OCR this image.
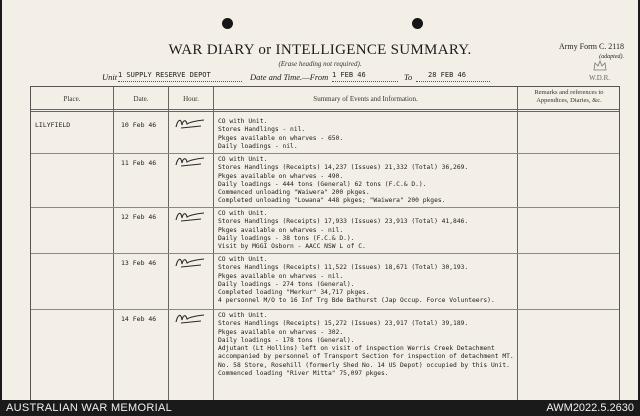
WAR DIARY or INTELLIGENCE SUMMARY.
(Erase heading not required).
Army Form C. 2118
(adapted).
W.D.R.
Unit 1 SUPPLY RESERVE DEPOT	Date and Time.—From 1 FEB 46	To	28 FEB 46
Place.	Date.	Hour.	Summary of Events and Information.
Remarks and references to Appendices, Diaries, &c.
LILYFIELD	10 Feb 46	CO with Unit.
Stores Handlings - nil.
Pkges available on wharves - 650.
Daily loadings - nil.
11 Feb 46	CO with Unit.
Stores Handlings (Receipts) 14,237 (Issues) 21,332 (Total) 36,269.
Pkges available on wharves - 490.
Daily loadings - 444 tons (General) 62 tons (F.C.& D.).
Commenced unloading "Waiwera" 200 pkges.
Completed unloading "Lowana" 448 pkges; "Waiwera" 200 pkges.
12 Feb 46	CO with Unit.
Stores Handlings (Receipts) 17,933 (Issues) 23,913 (Total) 41,846.
Pkges available on wharves - nil.
Daily loadings - 38 tons (F.C.& D.).
Visit by MGGI Osborn - AACC NSW L of C.
13 Feb 46	CO with Unit.
Stores Handlings (Receipts) 11,522 (Issues) 18,671 (Total) 30,193.
Pkges available on wharves - nil.
Daily loadings - 274 tons (General).
Completed loading "Merkur" 34,717 pkges.
4 personnel M/O to 16 Inf Trg Bde Bathurst (Jap Occup. Force Volunteers).
14 Feb 46	CO with Unit.
Stores Handlings (Receipts) 15,272 (Issues) 23,917 (Total) 39,189.
Pkges available on wharves - 302.
Daily loadings - 178 tons (General).
Adjutant (Lt Hollins) left on visit of inspection Werris Creek Detachment
accompanied by personnel of Transport Section for inspection of detachment MT.
No. 58 Store, Rosehill (formerly Shed No. 14 US Depot) occupied by this Unit.
Commenced loading "River Mitta" 75,097 pkges.
AUSTRALIAN WAR MEMORIAL	AWM2022.5.2630
